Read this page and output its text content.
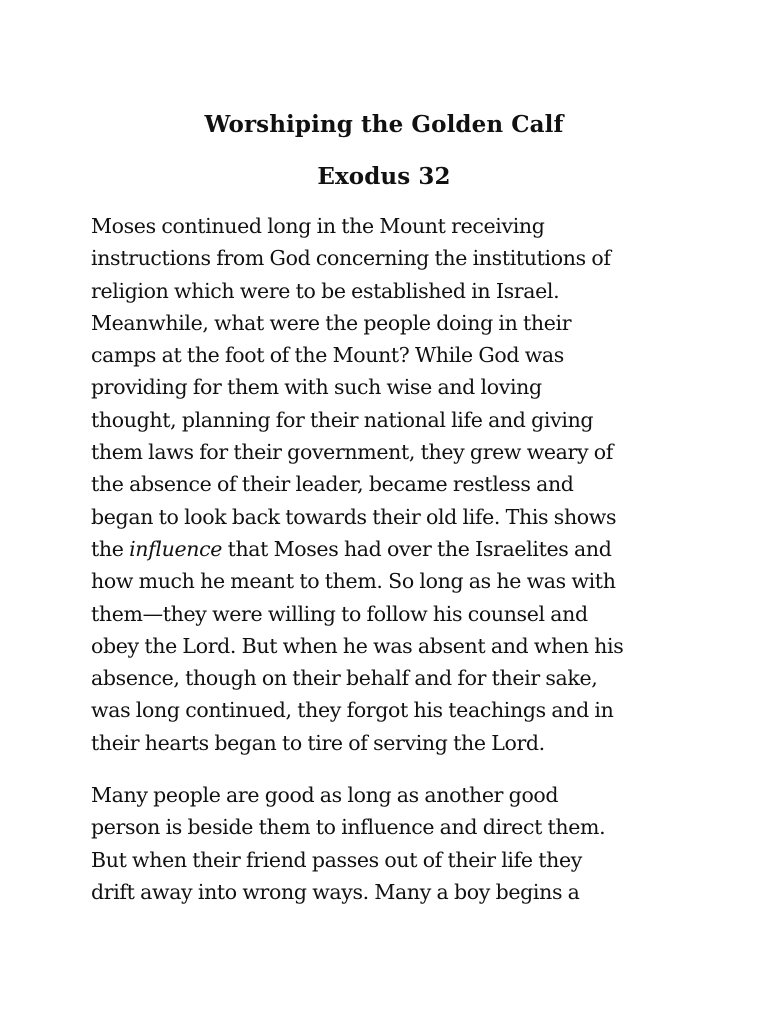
Worshiping the Golden Calf
Exodus 32

Moses continued long in the Mount receiving
instructions from God concerning the institutions of
religion which were to be established in Israel.
Meanwhile, what were the people doing in their
camps at the foot of the Mount? While God was
providing for them with such wise and loving
thought, planning for their national life and giving
them laws for their government, they grew weary of
the absence of their leader, became restless and
began to look back towards their old life. This shows
the influence that Moses had over the Israelites and
how much he meant to them. So long as he was with
them—they were willing to follow his counsel and
obey the Lord. But when he was absent and when his
absence, though on their behalf and for their sake,
was long continued, they forgot his teachings and in
their hearts began to tire of serving the Lord.

Many people are good as long as another good
person is beside them to influence and direct them.
But when their friend passes out of their life they
drift away into wrong ways. Many a boy begins a
